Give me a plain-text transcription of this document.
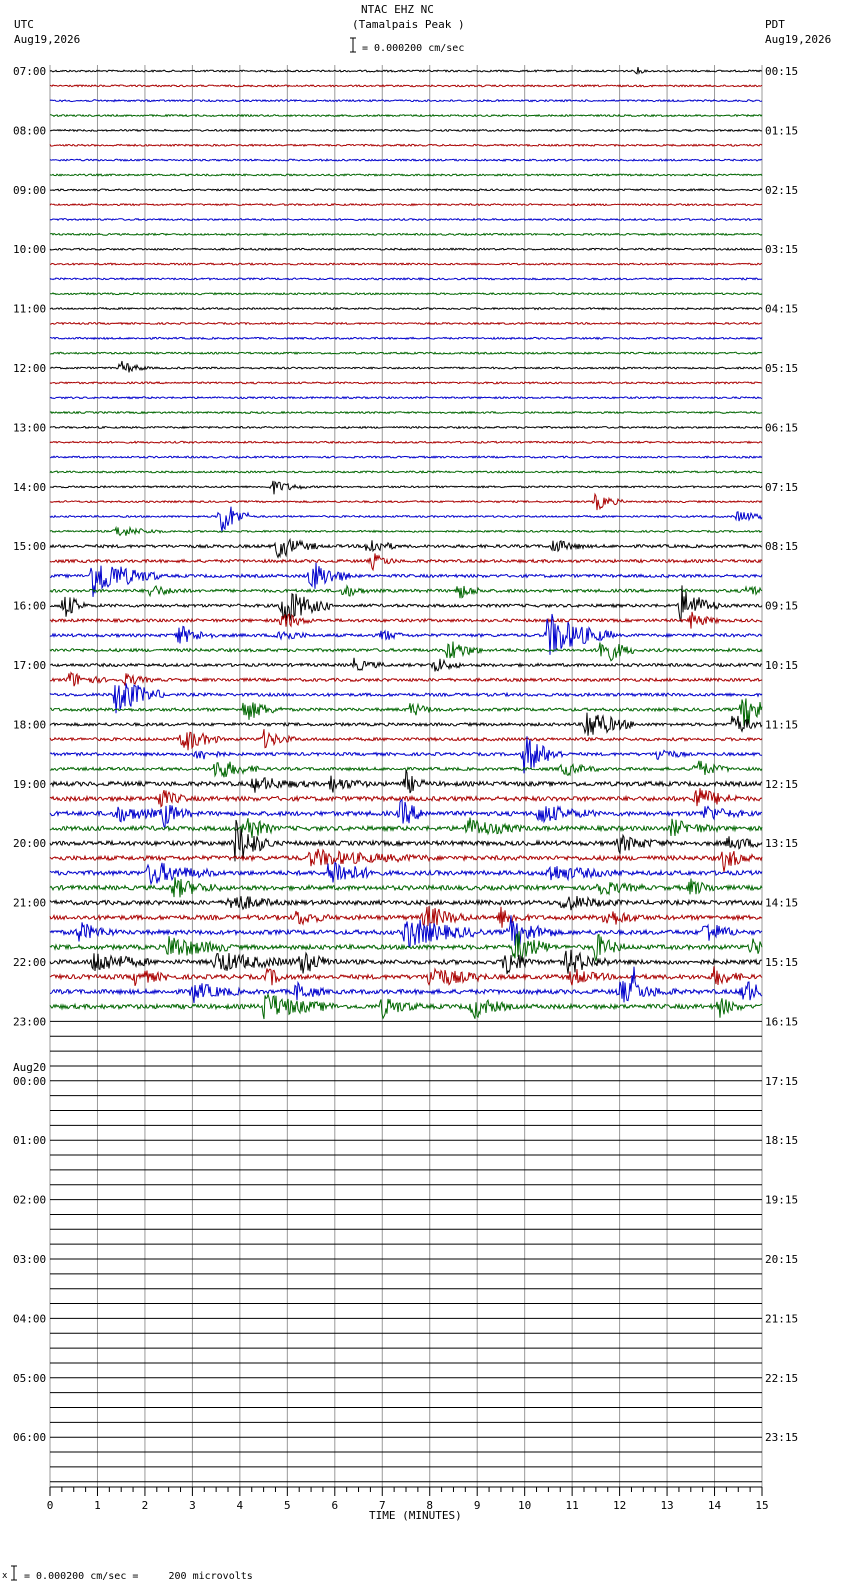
NTAC EHZ NC
(Tamalpais Peak )
= 0.000200 cm/sec
UTC
Aug19,2026
PDT
Aug19,2026
07:00
08:00
09:00
10:00
11:00
12:00
13:00
14:00
15:00
16:00
17:00
18:00
19:00
20:00
21:00
22:00
23:00
00:00
01:00
02:00
03:00
04:00
05:00
06:00
00:15
01:15
02:15
03:15
04:15
05:15
06:15
07:15
08:15
09:15
10:15
11:15
12:15
13:15
14:15
15:15
16:15
17:15
18:15
19:15
20:15
21:15
22:15
23:15
Aug20
0	1	2	3	4	5	6	7	8	9	10	11	12	13	14	15
TIME (MINUTES)
x = 0.000200 cm/sec =     200 microvolts
